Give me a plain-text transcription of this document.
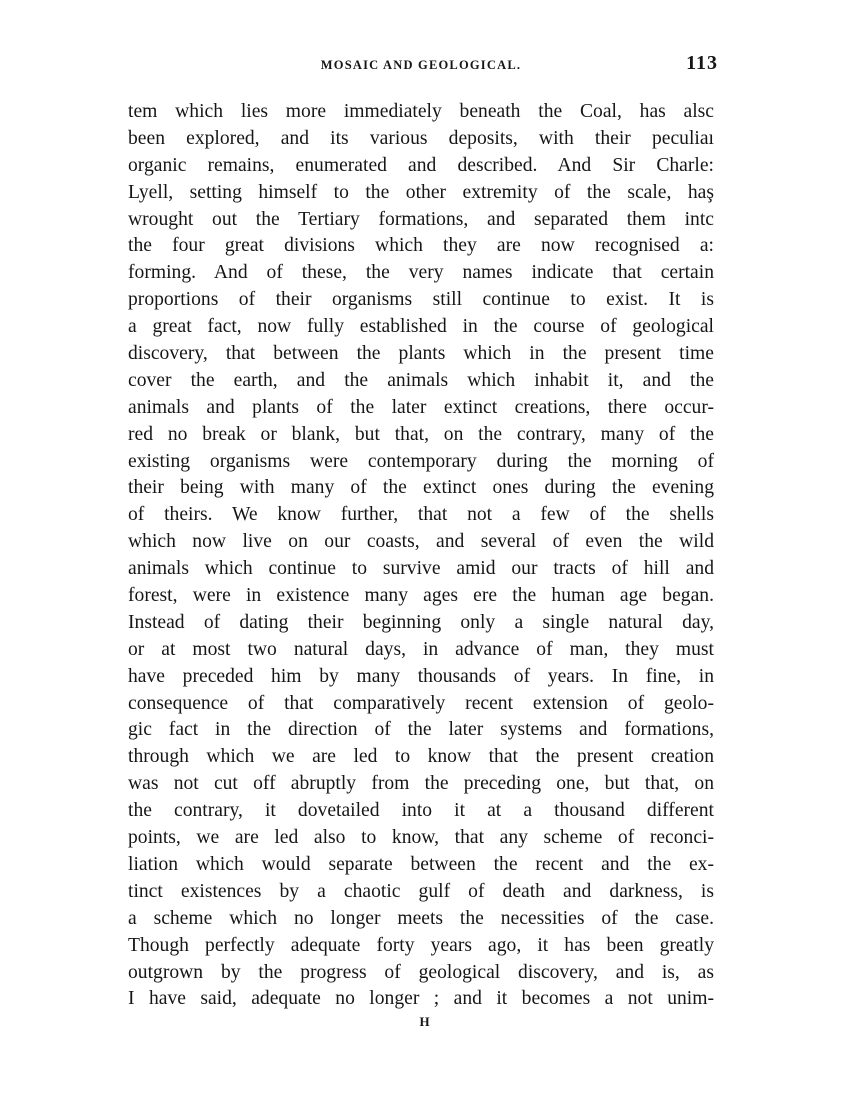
MOSAIC AND GEOLOGICAL.	113
tem which lies more immediately beneath the Coal, has alsc
been explored, and its various deposits, with their peculiaı
organic remains, enumerated and described. And Sir Charle:
Lyell, setting himself to the other extremity of the scale, haş
wrought out the Tertiary formations, and separated them intc
the four great divisions which they are now recognised a:
forming. And of these, the very names indicate that certain
proportions of their organisms still continue to exist. It is
a great fact, now fully established in the course of geological
discovery, that between the plants which in the present time
cover the earth, and the animals which inhabit it, and the
animals and plants of the later extinct creations, there occur-
red no break or blank, but that, on the contrary, many of the
existing organisms were contemporary during the morning of
their being with many of the extinct ones during the evening
of theirs. We know further, that not a few of the shells
which now live on our coasts, and several of even the wild
animals which continue to survive amid our tracts of hill and
forest, were in existence many ages ere the human age began.
Instead of dating their beginning only a single natural day,
or at most two natural days, in advance of man, they must
have preceded him by many thousands of years. In fine, in
consequence of that comparatively recent extension of geolo-
gic fact in the direction of the later systems and formations,
through which we are led to know that the present creation
was not cut off abruptly from the preceding one, but that, on
the contrary, it dovetailed into it at a thousand different
points, we are led also to know, that any scheme of reconci-
liation which would separate between the recent and the ex-
tinct existences by a chaotic gulf of death and darkness, is
a scheme which no longer meets the necessities of the case.
Though perfectly adequate forty years ago, it has been greatly
outgrown by the progress of geological discovery, and is, as
I have said, adequate no longer ; and it becomes a not unim-
H
